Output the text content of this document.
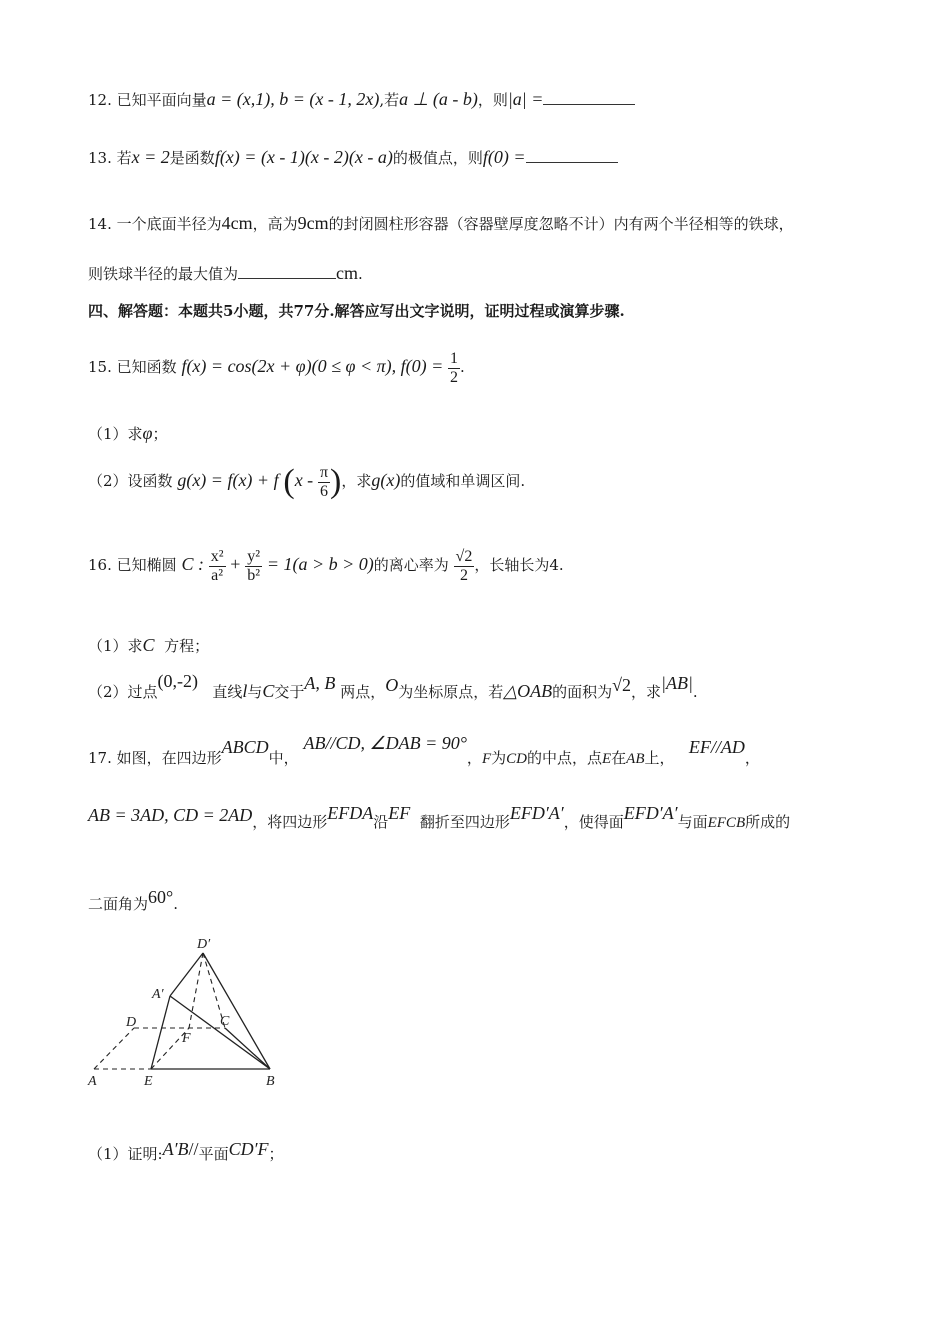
12. 已知平面向量a = (x,1), b = (x - 1, 2x),若a ⊥ (a - b)，则|a| =
13. 若x = 2是函数f(x) = (x - 1)(x - 2)(x - a)的极值点，则f(0) =
14. 一个底面半径为4cm，高为9cm的封闭圆柱形容器（容器壁厚度忽略不计）内有两个半径相等的铁球，
则铁球半径的最大值为	cm.
四、解答题：本题共5小题，共77分.解答应写出文字说明，证明过程或演算步骤.
15. 已知函数 f(x) = cos(2x + φ)(0 ≤ φ < π), $f(0) = \frac{1}{2}$ .
（1）求φ；
（2）设函数 g(x) = f(x) + f ($x - \frac{\pi}{6}$ )，求g(x)的值域和单调区间.
16. 已知椭圆 C : $\frac{\text{x²}}{\text{a²}} + \frac{\text{y²}}{\text{b²}} = 1(a > b > 0)$的离心率为 $\frac{√2}{2}$ ，长轴长为4.
（1）求C 方程；
（2）过点(0,-2)   直线l与C交于A, B 两点，O为坐标原点，若△OAB的面积为√2，求|AB|.
17. 如图，在四边形ABCD中， AB//CD, ∠DAB = 90°，F为CD的中点，点E在AB上，   EF//AD，
AB = 3AD, CD = 2AD，将四边形EFDA沿EF 翻折至四边形EFD′A′，使得面EFD′A′与面EFCB所成的
二面角为60°.
D′
A′
D	C
F
A	E	B
（1）证明:A′B//平面CD′F；
